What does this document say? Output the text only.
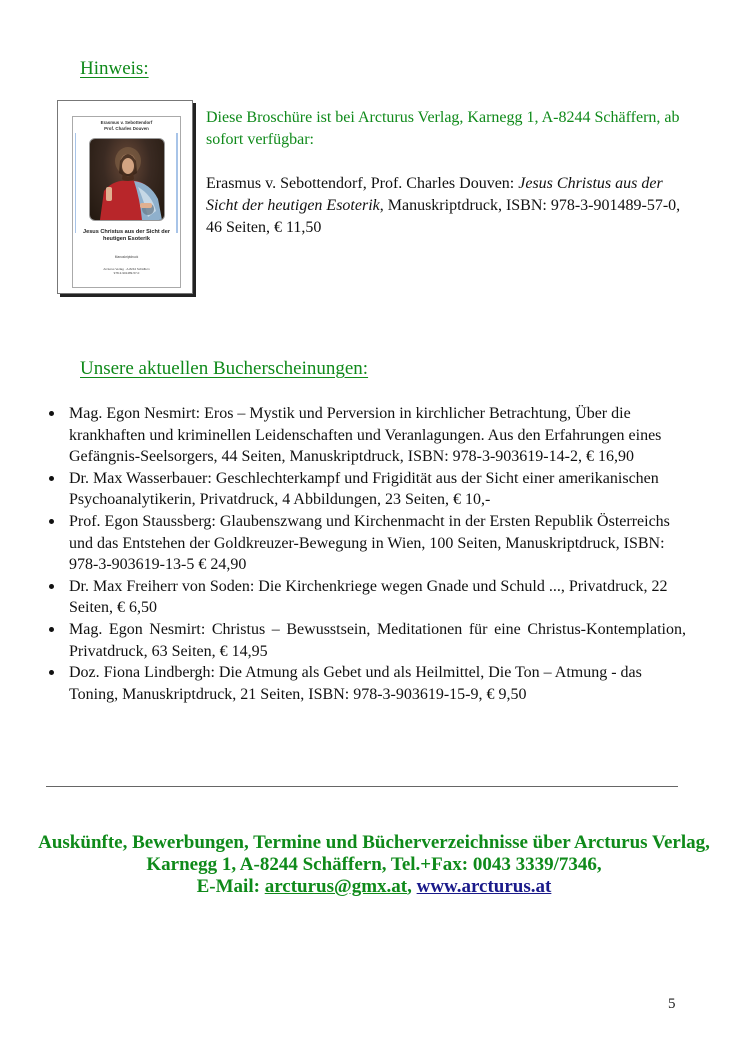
Hinweis:
Erasmus v. Sebottendorf
Prof. Charles Douven
Jesus Christus aus der Sicht der
heutigen Esoterik
Manuskriptdruck
Arcturus Verlag · A-8244 Schäffern
978-3-901489-57-0

Diese Broschüre ist bei Arcturus Verlag, Karnegg 1, A-8244 Schäffern, ab sofort verfügbar:

Erasmus v. Sebottendorf, Prof. Charles Douven: Jesus Christus aus der Sicht der heutigen Esoterik, Manuskriptdruck, ISBN: 978-3-901489-57-0, 46 Seiten, € 11,50

Unsere aktuellen Bucherscheinungen:
Mag. Egon Nesmirt: Eros – Mystik und Perversion in kirchlicher Betrachtung, Über die krankhaften und kriminellen Leidenschaften und Veranlagungen. Aus den Erfahrungen eines Gefängnis-Seelsorgers, 44 Seiten, Manuskriptdruck, ISBN: 978-3-903619-14-2, € 16,90
Dr. Max Wasserbauer: Geschlechterkampf und Frigidität aus der Sicht einer amerikanischen Psychoanalytikerin, Privatdruck, 4 Abbildungen, 23 Seiten, € 10,-
Prof. Egon Staussberg: Glaubenszwang und Kirchenmacht in der Ersten Republik Österreichs und das Entstehen der Goldkreuzer-Bewegung in Wien, 100 Seiten, Manuskriptdruck, ISBN: 978-3-903619-13-5 € 24,90
Dr. Max Freiherr von Soden: Die Kirchenkriege wegen Gnade und Schuld ..., Privatdruck, 22 Seiten, € 6,50
Mag. Egon Nesmirt: Christus – Bewusstsein, Meditationen für eine Christus-Kontemplation, Privatdruck, 63 Seiten, € 14,95
Doz. Fiona Lindbergh: Die Atmung als Gebet und als Heilmittel, Die Ton – Atmung - das Toning, Manuskriptdruck, 21 Seiten, ISBN: 978-3-903619-15-9, € 9,50
Auskünfte, Bewerbungen, Termine und Bücherverzeichnisse über Arcturus Verlag,
Karnegg 1, A-8244 Schäffern, Tel.+Fax: 0043 3339/7346,
E-Mail: arcturus@gmx.at, www.arcturus.at
5
